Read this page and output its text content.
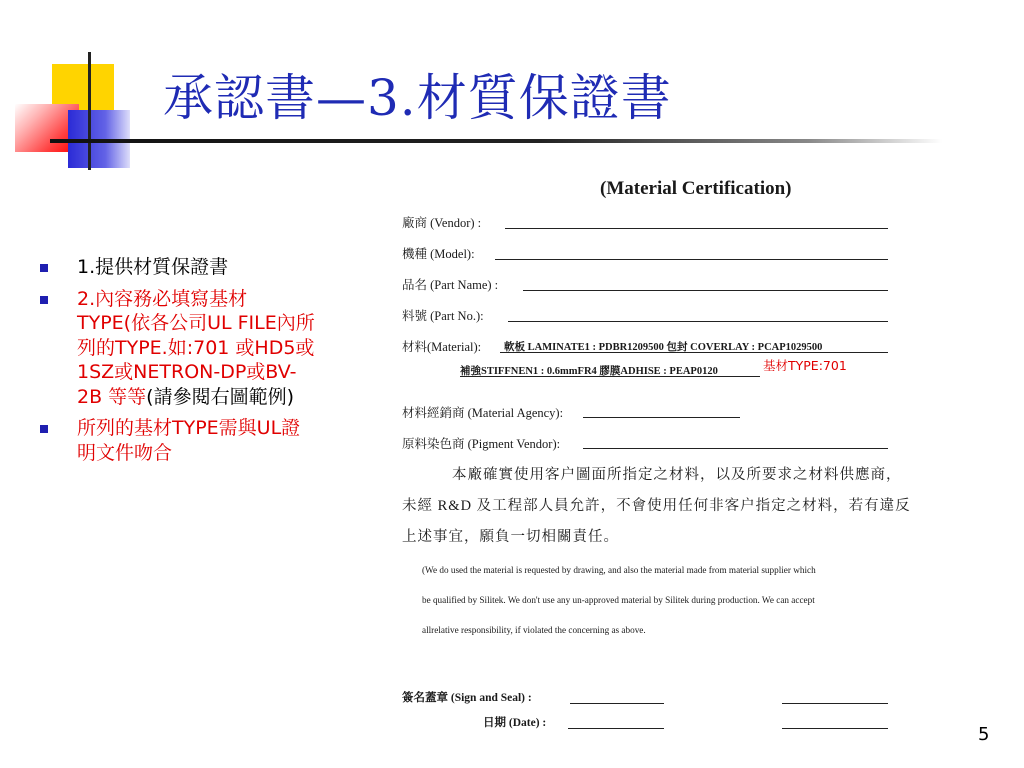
承認書—3.材質保證書
1.提供材質保證書
2.內容務必填寫基材TYPE(依各公司UL FILE內所列的TYPE.如:701 或HD5或1SZ或NETRON-DP或BV-2B 等等(請參閱右圖範例)
所列的基材TYPE需與UL證明文件吻合
(Material Certification)
廠商 (Vendor) :
機種 (Model):
品名 (Part Name) :
料號 (Part No.):
材料(Material): 軟板 LAMINATE1 : PDBR1209500 包封 COVERLAY : PCAP1029500
補強STIFFNEN1 : 0.6mmFR4 膠膜ADHISE : PEAP0120	基材TYPE:701
材料經銷商 (Material Agency):
原料染色商 (Pigment Vendor):
本廠確實使用客户圖面所指定之材料，以及所要求之材料供應商，
未經 R&D 及工程部人員允許，不會使用任何非客户指定之材料，若有違反
上述事宜，願負一切相關責任。
(We do used the material is requested by drawing, and also the material made from material supplier which
be qualified by Silitek. We don't use any un-approved material by Silitek during production. We can accept
allrelative responsibility, if violated the concerning as above.
簽名蓋章 (Sign and Seal) :
日期 (Date) :
5
